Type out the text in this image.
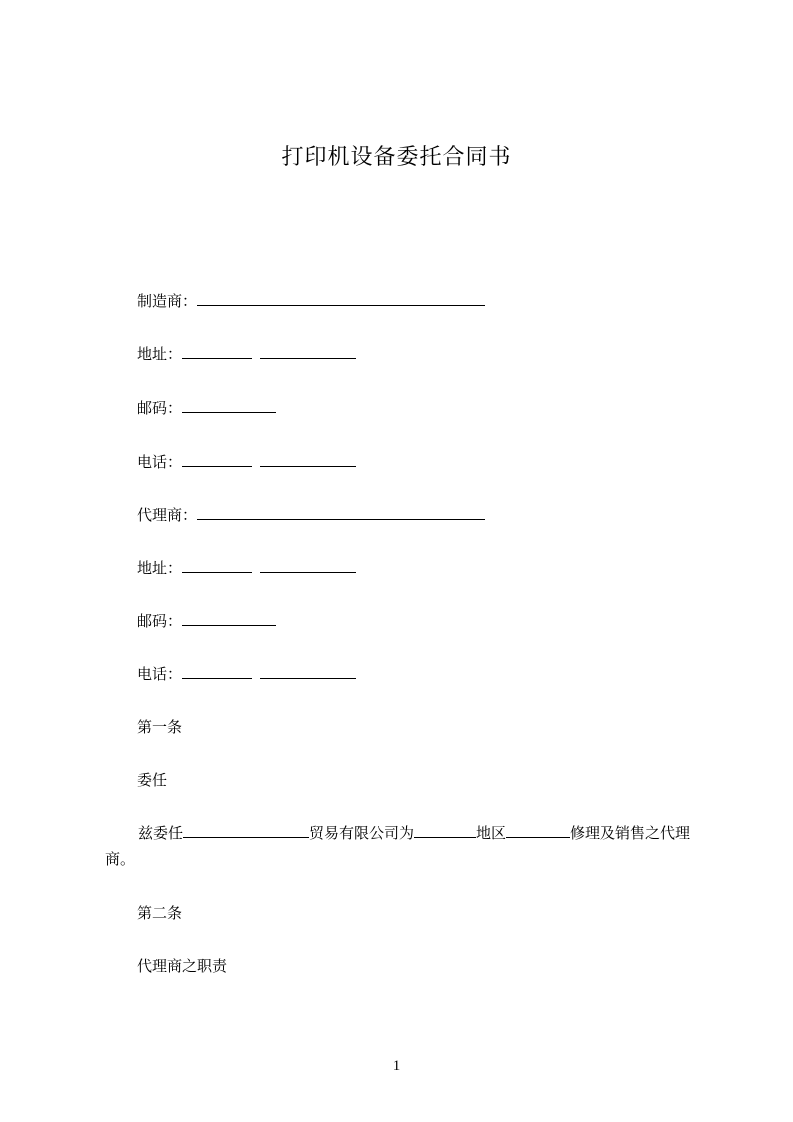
打印机设备委托合同书
制造商：
地址：
邮码：
电话：
代理商：
地址：
邮码：
电话：
第一条
委任
兹委任	贸易有限公司为	地区	修理及销售之代理商。
第二条
代理商之职责
1
